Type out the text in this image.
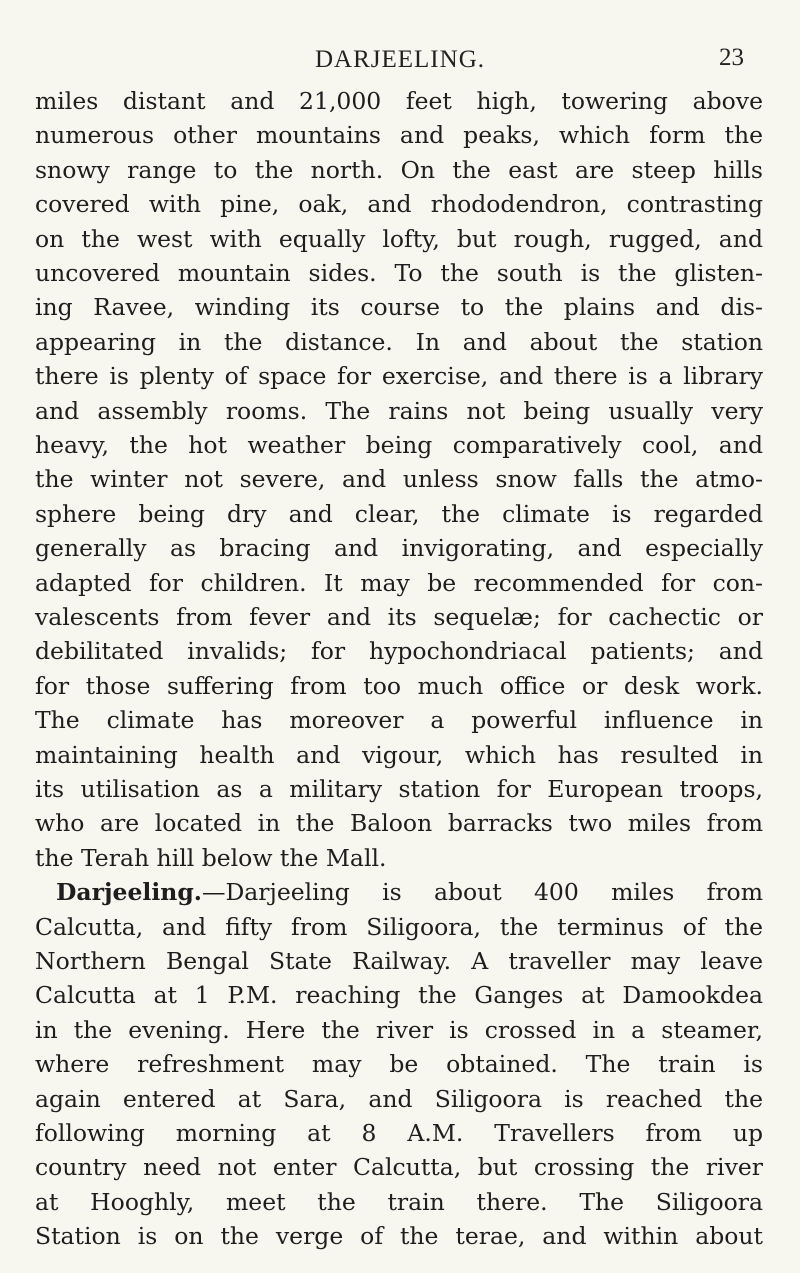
DARJEELING.	23
miles distant and 21,000 feet high, towering above
numerous other mountains and peaks, which form the
snowy range to the north. On the east are steep hills
covered with pine, oak, and rhododendron, contrasting
on the west with equally lofty, but rough, rugged, and
uncovered mountain sides. To the south is the glisten-
ing Ravee, winding its course to the plains and dis-
appearing in the distance. In and about the station
there is plenty of space for exercise, and there is a library
and assembly rooms. The rains not being usually very
heavy, the hot weather being comparatively cool, and
the winter not severe, and unless snow falls the atmo-
sphere being dry and clear, the climate is regarded
generally as bracing and invigorating, and especially
adapted for children. It may be recommended for con-
valescents from fever and its sequelæ; for cachectic or
debilitated invalids; for hypochondriacal patients; and
for those suffering from too much office or desk work.
The climate has moreover a powerful influence in
maintaining health and vigour, which has resulted in
its utilisation as a military station for European troops,
who are located in the Baloon barracks two miles from
the Terah hill below the Mall.
Darjeeling.—Darjeeling is about 400 miles from
Calcutta, and fifty from Siligoora, the terminus of the
Northern Bengal State Railway. A traveller may leave
Calcutta at 1 P.M. reaching the Ganges at Damookdea
in the evening. Here the river is crossed in a steamer,
where refreshment may be obtained. The train is
again entered at Sara, and Siligoora is reached the
following morning at 8 A.M. Travellers from up
country need not enter Calcutta, but crossing the river
at Hooghly, meet the train there. The Siligoora
Station is on the verge of the terae, and within about
